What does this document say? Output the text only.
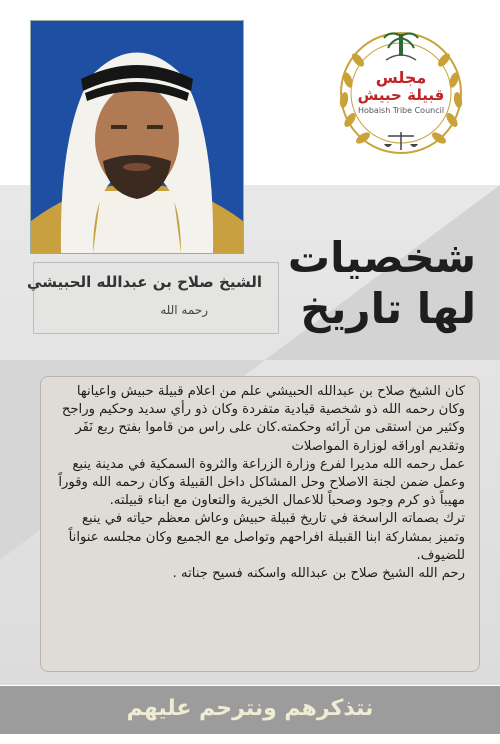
مجلس
قبيلة حبيش
Hobaish Tribe Council
الشيخ صلاح بن عبدالله الحبيشي
رحمه الله
شخصيات
لها تاريخ

كان الشيخ صلاح بن عبدالله الحبيشي علم من اعلام قبيلة حبيش واعيانها وكان رحمه الله ذو شخصية قيادية متفردة وكان ذو رأي سديد وحكيم وراجح وكثير من استقى من آرائه وحكمته.كان على راس من قاموا بفتح ربع نَفَر وتقديم اوراقه لوزارة المواصلات

عمل رحمه الله مديرا لفرع وزارة الزراعة والثروة السمكية في مدينة ينبع وعمل ضمن لجنة الاصلاح وحل المشاكل داخل القبيلة وكان رحمه الله وقوراً مهيباً ذو كرم وجود وصحباً للاعمال الخيرية والتعاون مع ابناء قبيلته.

ترك بصماته الراسخة في تاريخ قبيلة حبيش وعاش معظم حياته في ينبع وتميز بمشاركة ابنا القبيلة افراحهم وتواصل مع الجميع وكان مجلسه عنواناً للضيوف.

رحم الله الشيخ صلاح بن عبدالله واسكنه فسيح جناته .

نتذكرهم ونترحم عليهم
